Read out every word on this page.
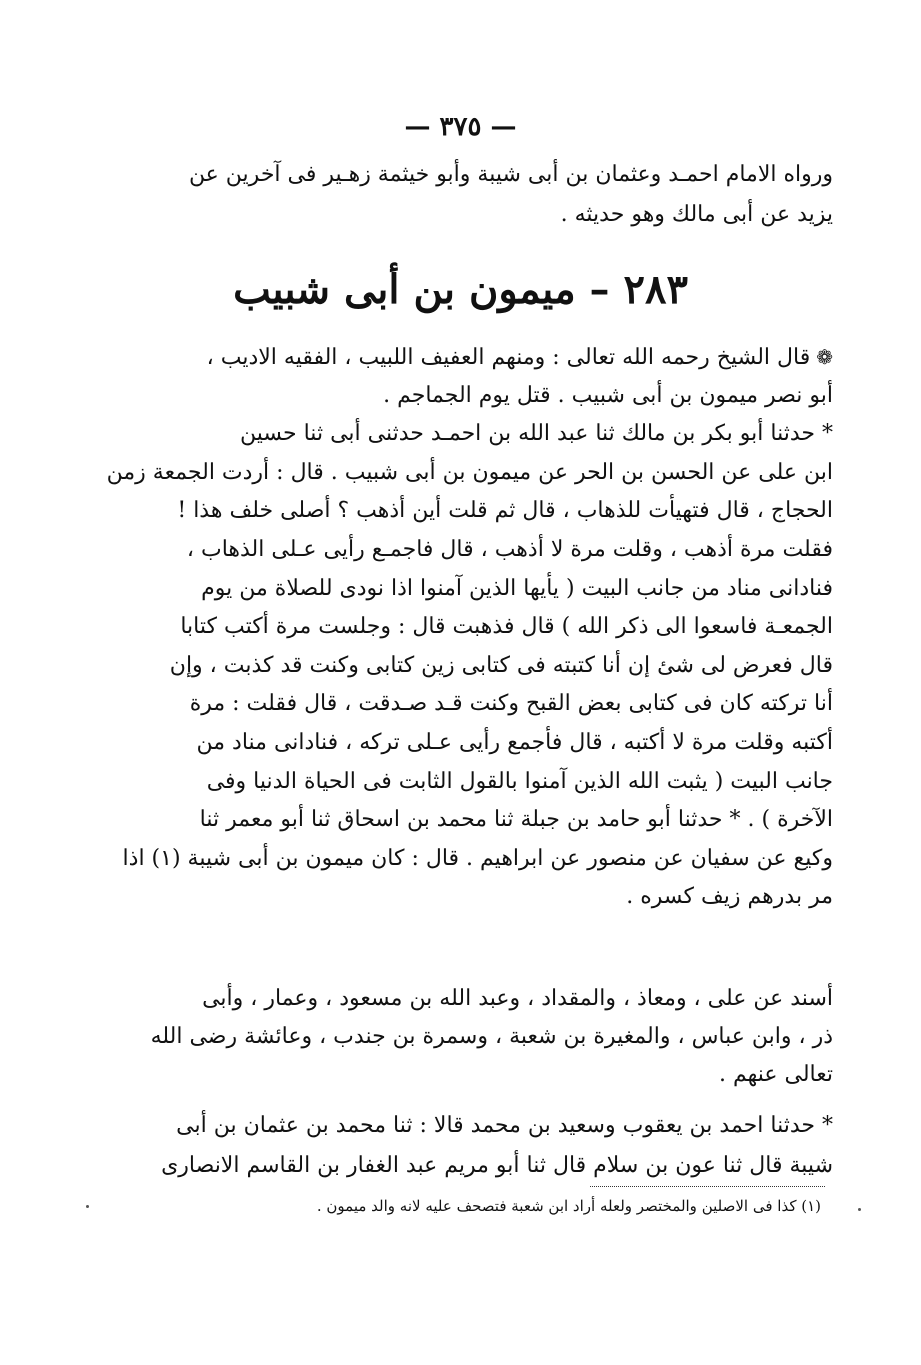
— ٣٧٥ —
ورواه الامام احمـد وعثمان بن أبى شيبة وأبو خيثمة زهـير فى آخرين عن
يزيد عن أبى مالك وهو حديثه .
٢٨٣ – ميمون بن أبى شبيب
❁قال الشيخ رحمه الله تعالى : ومنهم العفيف اللبيب ، الفقيه الاديب ،
أبو نصر ميمون بن أبى شبيب . قتل يوم الجماجم .
* حدثنا أبو بكر بن مالك ثنا عبد الله بن احمـد حدثنى أبى ثنا حسين
ابن على عن الحسن بن الحر عن ميمون بن أبى شبيب . قال : أردت الجمعة زمن
الحجاج ، قال فتهيأت للذهاب ، قال ثم قلت أين أذهب ؟ أصلى خلف هذا !
فقلت مرة أذهب ، وقلت مرة لا أذهب ، قال فاجمـع رأيى عـلى الذهاب ،
فنادانى مناد من جانب البيت ( يأيها الذين آمنوا اذا نودى للصلاة من يوم
الجمعـة فاسعوا الى ذكر الله ) قال فذهبت قال : وجلست مرة أكتب كتابا
قال فعرض لى شئ إن أنا كتبته فى كتابى زين كتابى وكنت قد كذبت ، وإن
أنا تركته كان فى كتابى بعض القبح وكنت قـد صـدقت ، قال فقلت : مرة
أكتبه وقلت مرة لا أكتبه ، قال فأجمع رأيى عـلى تركه ، فنادانى مناد من
جانب البيت ( يثبت الله الذين آمنوا بالقول الثابت فى الحياة الدنيا وفى
الآخرة ) . * حدثنا أبو حامد بن جبلة ثنا محمد بن اسحاق ثنا أبو معمر ثنا
وكيع عن سفيان عن منصور عن ابراهيم . قال : كان ميمون بن أبى شيبة (١) اذا
مر بدرهم زيف كسره .
أسند عن على ، ومعاذ ، والمقداد ، وعبد الله بن مسعود ، وعمار ، وأبى
ذر ، وابن عباس ، والمغيرة بن شعبة ، وسمرة بن جندب ، وعائشة رضى الله
تعالى عنهم .
* حدثنا احمد بن يعقوب وسعيد بن محمد قالا : ثنا محمد بن عثمان بن أبى
شيبة قال ثنا عون بن سلام قال ثنا أبو مريم عبد الغفار بن القاسم الانصارى
(١) كذا فى الاصلين والمختصر ولعله أراد ابن شعبة فتصحف عليه لانه والد ميمون .
